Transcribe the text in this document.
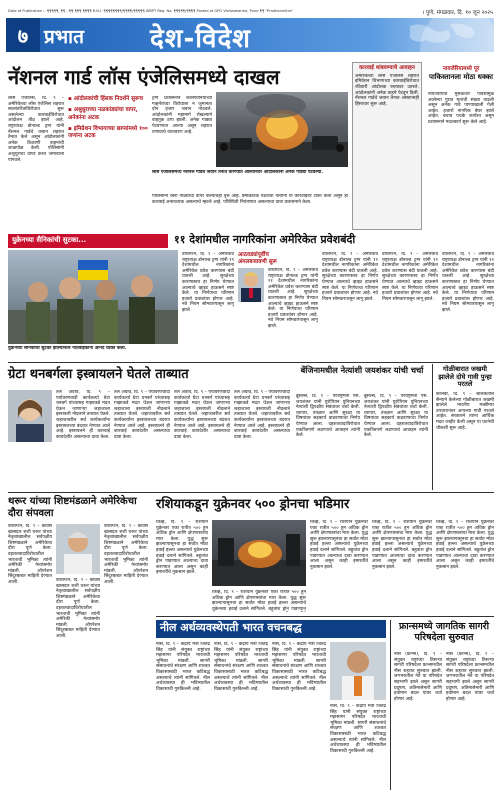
Date of Publication :- ¶¶¶¶¶, ¶¶ - ¶¶ ¶¶¶ ¶¶¶¶ R.N.I. ¶¶¶¶¶¶¶¶/¶¶¶¶/¶¶¶¶¶ WBPT Reg. No. ¶¶¶¶¶/¶¶¶¶ Posted at GPO Vishwakarma, Pune ¶¶ "Pradhanmitra"	। पुणे, मंगळवार, दि. १० जून २०२५
७ प्रभात	देश-विदेश
नॅशनल गार्ड लॉस एंजेलिसमध्ये दाखल
लॉस एंजेलिस, दि. ९ – अमेरिकेच्या लॉस एंजेलिस शहरात स्थलांतरितांविरोधात सुरू असलेल्या कारवाईविरोधात आंदोलन तीव्र झाले आहे. राष्ट्राध्यक्ष डोनाल्ड ट्रम्प यांनी नॅशनल गार्डचे जवान शहरात तैनात केले असून आंदोलकांनी अनेक ठिकाणी वाहनांची जाळपोळ केली. पोलिसांनी अश्रुधुराचा वापर करत जमावाला पांगवले.
▪ आंदोलकांची हिंसक निदर्शने सुरूच
▪ अश्रुधुराच्या नळकांड्यांचा वापर, अनेकांना अटक
▪ इमिग्रेशन विभागाच्या छाप्यांमध्ये १०० जणांना अटक
ट्रम्प प्रशासनाने कॅलिफोर्नियाच्या गव्हर्नरांच्या विरोधाला न जुमानता दोन हजार जवान पाठवले. आंदोलकांनी महामार्ग रोखल्याने वाहतूक ठप्प झाली. अनेक गाड्या पेटवण्यात आल्या असून शहरात तणावाचे वातावरण आहे.
लॉस एंजेलिसमध्ये नॅशनल गार्डचे जवान तैनात करण्यात आल्यानंतर आंदोलकांनी अनेक गाड्या पेटवल्या.
पोलिसांनी रबरी गोळ्यांचा वापर केल्याचेही वृत्त आहे. डेमोक्रॅटिक पक्षाच्या नेत्यांनी या कारवाईवर टीका केली असून ही कारवाई अनावश्यक असल्याचे म्हटले आहे. परिस्थिती नियंत्रणात असल्याचा दावा प्रशासनाने केला.
कारवाई थांबवण्याचे आवाहन
अमेरिकेच्या लॉस एंजेलिस शहरात इमिग्रेशन विभागाच्या कारवाईविरोधात रविवारी आंदोलक रस्त्यावर उतरले. आंदोलकांनी अनेक वाहने पेटवून दिली. नॅशनल गार्डचे जवान तैनात असतानाही हिंसाचार सुरू आहे.
नायजेरियामध्ये पूर
पाकिस्तानला मोठा धक्का
नायजेरियात मुसळधार पावसामुळे आलेल्या पुरात मृतांची संख्या वाढली असून अनेक गावे पाण्याखाली गेली आहेत. हजारो नागरिक बेघर झाले आहेत. बचाव पथके कार्यरत असून प्रशासनाने मदतकार्य सुरू केले आहे.
युक्रेनच्या सैनिकांची सुटका...	११ देशांमधील नागरिकांना अमेरिकेत प्रवेशबंदी
युक्रेनच्या सैनिकांची सुटका झाल्यानंतर नातेवाईकांनी आनंद व्यक्त केला.
वॉशिंग्टन, दि. ९ – अमेरिकेचे राष्ट्राध्यक्ष डोनाल्ड ट्रम्प यांनी ११ देशांमधील नागरिकांना अमेरिकेत प्रवेश करण्यास बंदी घातली आहे. सुरक्षेच्या कारणास्तव हा निर्णय घेण्यात आल्याचे व्हाइट हाऊसने स्पष्ट केले. या निर्णयाचा परिणाम हजारो प्रवाशांवर होणार आहे. नवे नियम सोमवारपासून लागू झाले.
आठवड्यांपूर्वीच अंमलबजावणी सुरू
वॉशिंग्टन, दि. ९ – अमेरिकेचे राष्ट्राध्यक्ष डोनाल्ड ट्रम्प यांनी ११ देशांमधील नागरिकांना अमेरिकेत प्रवेश करण्यास बंदी घातली आहे. सुरक्षेच्या कारणास्तव हा निर्णय घेण्यात आल्याचे व्हाइट हाऊसने स्पष्ट केले. या निर्णयाचा परिणाम हजारो प्रवाशांवर होणार आहे. नवे नियम सोमवारपासून लागू झाले.
वॉशिंग्टन, दि. ९ – अमेरिकेचे राष्ट्राध्यक्ष डोनाल्ड ट्रम्प यांनी ११ देशांमधील नागरिकांना अमेरिकेत प्रवेश करण्यास बंदी घातली आहे. सुरक्षेच्या कारणास्तव हा निर्णय घेण्यात आल्याचे व्हाइट हाऊसने स्पष्ट केले. या निर्णयाचा परिणाम हजारो प्रवाशांवर होणार आहे. नवे नियम सोमवारपासून लागू झाले.
वॉशिंग्टन, दि. ९ – अमेरिकेचे राष्ट्राध्यक्ष डोनाल्ड ट्रम्प यांनी ११ देशांमधील नागरिकांना अमेरिकेत प्रवेश करण्यास बंदी घातली आहे. सुरक्षेच्या कारणास्तव हा निर्णय घेण्यात आल्याचे व्हाइट हाऊसने स्पष्ट केले. या निर्णयाचा परिणाम हजारो प्रवाशांवर होणार आहे. नवे नियम सोमवारपासून लागू झाले.
वॉशिंग्टन, दि. ९ – अमेरिकेचे राष्ट्राध्यक्ष डोनाल्ड ट्रम्प यांनी ११ देशांमधील नागरिकांना अमेरिकेत प्रवेश करण्यास बंदी घातली आहे. सुरक्षेच्या कारणास्तव हा निर्णय घेण्यात आल्याचे व्हाइट हाऊसने स्पष्ट केले. या निर्णयाचा परिणाम हजारो प्रवाशांवर होणार आहे. नवे नियम सोमवारपासून लागू झाले.
ग्रेटा थनबर्गला इस्त्रायलने घेतले ताब्यात
तेल अवीव, दि. ९ – पर्यावरणवादी कार्यकर्त्या ग्रेटा थनबर्ग यांच्यासह गाझाकडे मदत घेऊन जाणाऱ्या जहाजाला इस्त्रायली नौदलाने ताब्यात घेतले. जहाजावरील सर्व कार्यकर्त्यांना इस्त्रायलच्या बंदरात नेण्यात आले आहे. इस्त्रायलने ही कारवाई कायदेशीर असल्याचा दावा केला.
तेल अवीव, दि. ९ – पर्यावरणवादी कार्यकर्त्या ग्रेटा थनबर्ग यांच्यासह गाझाकडे मदत घेऊन जाणाऱ्या जहाजाला इस्त्रायली नौदलाने ताब्यात घेतले. जहाजावरील सर्व कार्यकर्त्यांना इस्त्रायलच्या बंदरात नेण्यात आले आहे. इस्त्रायलने ही कारवाई कायदेशीर असल्याचा दावा केला.
तेल अवीव, दि. ९ – पर्यावरणवादी कार्यकर्त्या ग्रेटा थनबर्ग यांच्यासह गाझाकडे मदत घेऊन जाणाऱ्या जहाजाला इस्त्रायली नौदलाने ताब्यात घेतले. जहाजावरील सर्व कार्यकर्त्यांना इस्त्रायलच्या बंदरात नेण्यात आले आहे. इस्त्रायलने ही कारवाई कायदेशीर असल्याचा दावा केला.
तेल अवीव, दि. ९ – पर्यावरणवादी कार्यकर्त्या ग्रेटा थनबर्ग यांच्यासह गाझाकडे मदत घेऊन जाणाऱ्या जहाजाला इस्त्रायली नौदलाने ताब्यात घेतले. जहाजावरील सर्व कार्यकर्त्यांना इस्त्रायलच्या बंदरात नेण्यात आले आहे. इस्त्रायलने ही कारवाई कायदेशीर असल्याचा दावा केला.
बेंजिनामधील नेत्यांशी जयशंकर यांची चर्चा
ब्रुसेल्स, दि. ९ – परराष्ट्रमंत्री एस. जयशंकर यांनी युरोपियन युनियनच्या नेत्यांशी द्विपक्षीय संबंधांवर चर्चा केली. व्यापार, तंत्रज्ञान आणि सुरक्षा या विषयांवर सहकार्य वाढवण्याचा निर्णय घेण्यात आला. दहशतवादाविरोधात एकत्रितपणे लढण्याचे आवाहन त्यांनी केले.
ब्रुसेल्स, दि. ९ – परराष्ट्रमंत्री एस. जयशंकर यांनी युरोपियन युनियनच्या नेत्यांशी द्विपक्षीय संबंधांवर चर्चा केली. व्यापार, तंत्रज्ञान आणि सुरक्षा या विषयांवर सहकार्य वाढवण्याचा निर्णय घेण्यात आला. दहशतवादाविरोधात एकत्रितपणे लढण्याचे आवाहन त्यांनी केले.
गोळीबारात जखमी झालेले दोघे गावी पुन्हा परतले
कोलंबो, दि. ९ – श्रीलंकेतील सैन्याने केलेल्या गोळीबारात जखमी झालेले भारतीय मच्छीमार उपचारानंतर आपल्या गावी परतले आहेत. सरकारने त्यांना आर्थिक मदत जाहीर केली असून या घटनेची चौकशी सुरू आहे.
थरूर यांच्या शिष्टमंडळाने अमेरिकेचा दौरा संपवला
वॉशिंग्टन, दि. ९ – काँग्रेस खासदार शशी थरूर यांच्या नेतृत्वाखालील सर्वपक्षीय शिष्टमंडळाने अमेरिकेचा दौरा पूर्ण केला. दहशतवादाविरोधातील भारताची भूमिका त्यांनी अमेरिकी नेत्यांसमोर मांडली. ऑपरेशन सिंदूरबाबत माहिती देण्यात आली.	वॉशिंग्टन, दि. ९ – काँग्रेस खासदार शशी थरूर यांच्या नेतृत्वाखालील सर्वपक्षीय शिष्टमंडळाने अमेरिकेचा दौरा पूर्ण केला. दहशतवादाविरोधातील भारताची भूमिका त्यांनी अमेरिकी नेत्यांसमोर मांडली. ऑपरेशन सिंदूरबाबत माहिती देण्यात आली.
वॉशिंग्टन, दि. ९ – काँग्रेस खासदार शशी थरूर यांच्या नेतृत्वाखालील सर्वपक्षीय शिष्टमंडळाने अमेरिकेचा दौरा पूर्ण केला. दहशतवादाविरोधातील भारताची भूमिका त्यांनी अमेरिकी नेत्यांसमोर मांडली. ऑपरेशन सिंदूरबाबत माहिती देण्यात आली.
रशियाकडून युक्रेनवर ५०० ड्रोनचा भडिमार
किव्ह, दि. ९ – रशियाने युक्रेनवर एका रात्रीत ५०० हून अधिक ड्रोन आणि क्षेपणास्त्रांचा मारा केला. युद्ध सुरू झाल्यापासूनचा हा सर्वात मोठा हवाई हल्ला असल्याचे युक्रेनच्या हवाई दलाने सांगितले. बहुतांश ड्रोन पाडण्यात आल्याचा दावा करण्यात आला असून काही इमारतींचे नुकसान झाले.
किव्ह, दि. ९ – रशियाने युक्रेनवर एका रात्रीत ५०० हून अधिक ड्रोन आणि क्षेपणास्त्रांचा मारा केला. युद्ध सुरू झाल्यापासूनचा हा सर्वात मोठा हवाई हल्ला असल्याचे युक्रेनच्या हवाई दलाने सांगितले. बहुतांश ड्रोन पाडण्यात
किव्ह, दि. ९ – रशियाने युक्रेनवर एका रात्रीत ५०० हून अधिक ड्रोन आणि क्षेपणास्त्रांचा मारा केला. युद्ध सुरू झाल्यापासूनचा हा सर्वात मोठा हवाई हल्ला असल्याचे युक्रेनच्या हवाई दलाने सांगितले. बहुतांश ड्रोन पाडण्यात आल्याचा दावा करण्यात आला असून काही इमारतींचे नुकसान झाले.
किव्ह, दि. ९ – रशियाने युक्रेनवर एका रात्रीत ५०० हून अधिक ड्रोन आणि क्षेपणास्त्रांचा मारा केला. युद्ध सुरू झाल्यापासूनचा हा सर्वात मोठा हवाई हल्ला असल्याचे युक्रेनच्या हवाई दलाने सांगितले. बहुतांश ड्रोन पाडण्यात आल्याचा दावा करण्यात आला असून काही इमारतींचे नुकसान झाले.
किव्ह, दि. ९ – रशियाने युक्रेनवर एका रात्रीत ५०० हून अधिक ड्रोन आणि क्षेपणास्त्रांचा मारा केला. युद्ध सुरू झाल्यापासूनचा हा सर्वात मोठा हवाई हल्ला असल्याचे युक्रेनच्या हवाई दलाने सांगितले. बहुतांश ड्रोन पाडण्यात आल्याचा दावा करण्यात आला असून काही इमारतींचे नुकसान झाले.
नील अर्थव्यवस्थेपती भारत वचनबद्ध
नीस, दि. ९ – केंद्रीय मंत्री जितेंद्र सिंह यांनी संयुक्त राष्ट्रांच्या महासागर परिषदेत भारताची भूमिका मांडली. सागरी संसाधनांचे संरक्षण आणि शाश्वत विकासासाठी भारत कटिबद्ध असल्याचे त्यांनी सांगितले. नील अर्थव्यवस्था ही भविष्यातील विकासाची गुरुकिल्ली आहे.
नीस, दि. ९ – केंद्रीय मंत्री जितेंद्र सिंह यांनी संयुक्त राष्ट्रांच्या महासागर परिषदेत भारताची भूमिका मांडली. सागरी संसाधनांचे संरक्षण आणि शाश्वत विकासासाठी भारत कटिबद्ध असल्याचे त्यांनी सांगितले. नील अर्थव्यवस्था ही भविष्यातील विकासाची गुरुकिल्ली आहे.
नीस, दि. ९ – केंद्रीय मंत्री जितेंद्र सिंह यांनी संयुक्त राष्ट्रांच्या महासागर परिषदेत भारताची भूमिका मांडली. सागरी संसाधनांचे संरक्षण आणि शाश्वत विकासासाठी भारत कटिबद्ध असल्याचे त्यांनी सांगितले. नील अर्थव्यवस्था ही भविष्यातील विकासाची गुरुकिल्ली आहे.
नीस, दि. ९ – केंद्रीय मंत्री जितेंद्र सिंह यांनी संयुक्त राष्ट्रांच्या महासागर परिषदेत भारताची भूमिका मांडली. सागरी संसाधनांचे संरक्षण आणि शाश्वत विकासासाठी भारत कटिबद्ध असल्याचे त्यांनी सांगितले. नील अर्थव्यवस्था ही भविष्यातील विकासाची गुरुकिल्ली आहे.
फ्रान्समध्ये जागतिक सागरी परिषदेला सुरुवात
नीस (फ्रान्स), दि. ९ – संयुक्त राष्ट्रांच्या तिसऱ्या सागरी परिषदेला फ्रान्समधील नीस शहरात सुरुवात झाली. जगभरातील नेते या परिषदेत सहभागी झाले असून सागरी प्रदूषण, अतिमासेमारी आणि हवामान बदल यांवर चर्चा होणार आहे.
नीस (फ्रान्स), दि. ९ – संयुक्त राष्ट्रांच्या तिसऱ्या सागरी परिषदेला फ्रान्समधील नीस शहरात सुरुवात झाली. जगभरातील नेते या परिषदेत सहभागी झाले असून सागरी प्रदूषण, अतिमासेमारी आणि हवामान बदल यांवर चर्चा होणार आहे.
